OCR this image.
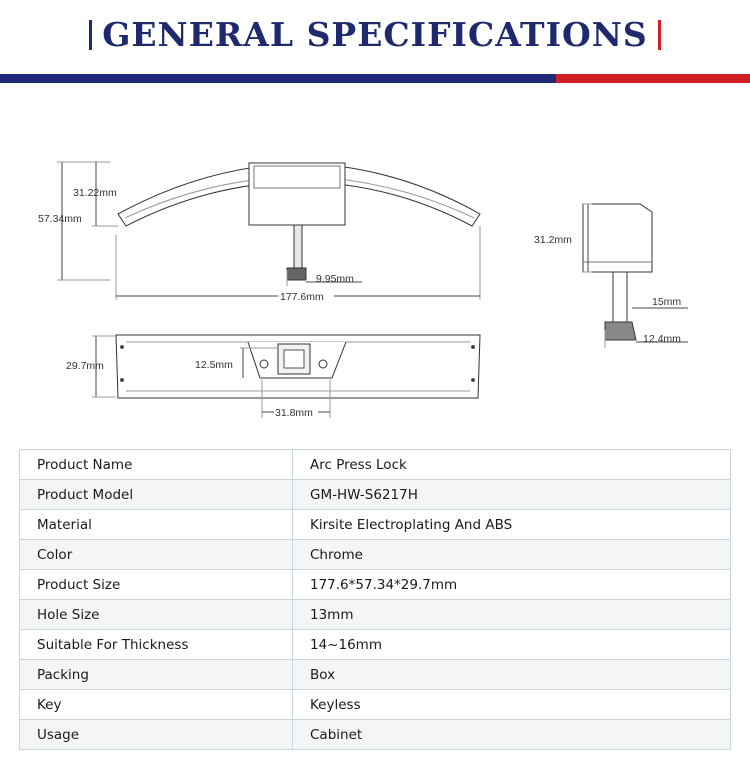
GENERAL SPECIFICATIONS
31.22mm
57.34mm
9.95mm
177.6mm
29.7mm	12.5mm
31.8mm
31.2mm
15mm
12.4mm
Product Name	Arc Press Lock
Product Model	GM-HW-S6217H
Material	Kirsite Electroplating And ABS
Color	Chrome
Product Size	177.6*57.34*29.7mm
Hole Size	13mm
Suitable For Thickness	14~16mm
Packing	Box
Key	Keyless
Usage	Cabinet
